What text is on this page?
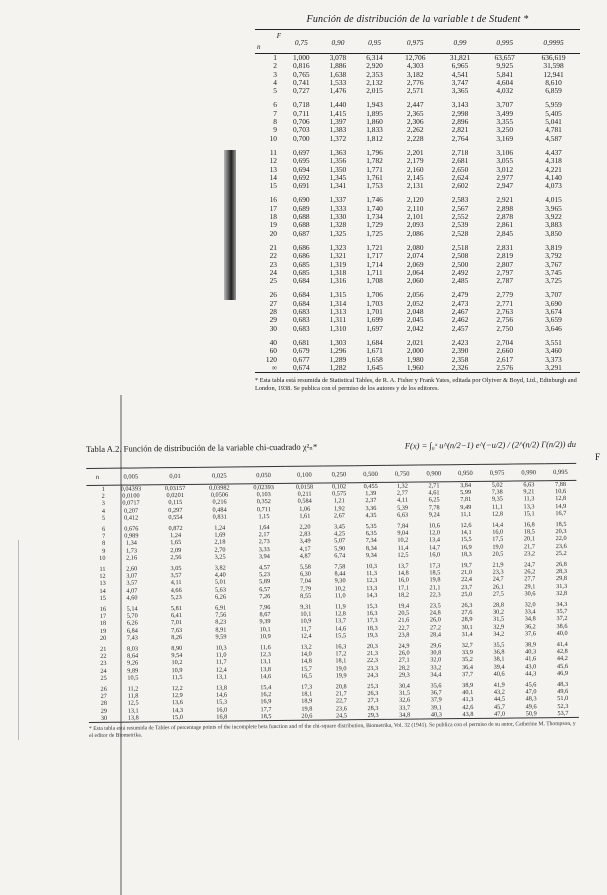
Función de distribución de la variable t de Student *
F
n	0,75	0,90	0,95	0,975	0,99	0,995	0,9995
1	1,000	3,078	6,314	12,706	31,821	63,657	636,619
2	0,816	1,886	2,920	4,303	6,965	9,925	31,598
3	0,765	1,638	2,353	3,182	4,541	5,841	12,941
4	0,741	1,533	2,132	2,776	3,747	4,604	8,610
5	0,727	1,476	2,015	2,571	3,365	4,032	6,859

6	0,718	1,440	1,943	2,447	3,143	3,707	5,959
7	0,711	1,415	1,895	2,365	2,998	3,499	5,405
8	0,706	1,397	1,860	2,306	2,896	3,355	5,041
9	0,703	1,383	1,833	2,262	2,821	3,250	4,781
10	0,700	1,372	1,812	2,228	2,764	3,169	4,587

11	0,697	1,363	1,796	2,201	2,718	3,106	4,437
12	0,695	1,356	1,782	2,179	2,681	3,055	4,318
13	0,694	1,350	1,771	2,160	2,650	3,012	4,221
14	0,692	1,345	1,761	2,145	2,624	2,977	4,140
15	0,691	1,341	1,753	2,131	2,602	2,947	4,073

16	0,690	1,337	1,746	2,120	2,583	2,921	4,015
17	0,689	1,333	1,740	2,110	2,567	2,898	3,965
18	0,688	1,330	1,734	2,101	2,552	2,878	3,922
19	0,688	1,328	1,729	2,093	2,539	2,861	3,883
20	0,687	1,325	1,725	2,086	2,528	2,845	3,850

21	0,686	1,323	1,721	2,080	2,518	2,831	3,819
22	0,686	1,321	1,717	2,074	2,508	2,819	3,792
23	0,685	1,319	1,714	2,069	2,500	2,807	3,767
24	0,685	1,318	1,711	2,064	2,492	2,797	3,745
25	0,684	1,316	1,708	2,060	2,485	2,787	3,725

26	0,684	1,315	1,706	2,056	2,479	2,779	3,707
27	0,684	1,314	1,703	2,052	2,473	2,771	3,690
28	0,683	1,313	1,701	2,048	2,467	2,763	3,674
29	0,683	1,311	1,699	2,045	2,462	2,756	3,659
30	0,683	1,310	1,697	2,042	2,457	2,750	3,646

40	0,681	1,303	1,684	2,021	2,423	2,704	3,551
60	0,679	1,296	1,671	2,000	2,390	2,660	3,460
120	0,677	1,289	1,658	1,980	2,358	2,617	3,373
∞	0,674	1,282	1,645	1,960	2,326	2,576	3,291
* Esta tabla está resumida de Statistical Tables, de R. A. Fisher y Frank Yates, editada por Olyiver & Boyd, Ltd., Edinburgh and London, 1938. Se publica con el permiso de los autores y de los editores.
F
Tabla A.2. Función de distribución de la variable chi-cuadrado χ²ₙ*	F(x) = ∫₀ˣ u^(n/2−1) e^(−u/2) / (2^(n/2) Γ(n/2)) du
n	0,005	0,01	0,025	0,050	0,100	0,250	0,500	0,750	0,900	0,950	0,975	0,990	0,995
1	0,04393	0,03157	0,03982	0,02393	0,0158	0,102	0,455	1,32	2,71	3,84	5,02	6,63	7,88
2	0,0100	0,0201	0,0506	0,103	0,211	0,575	1,39	2,77	4,61	5,99	7,38	9,21	10,6
3	0,0717	0,115	0,216	0,352	0,584	1,21	2,37	4,11	6,25	7,81	9,35	11,3	12,8
4	0,207	0,297	0,484	0,711	1,06	1,92	3,36	5,39	7,78	9,49	11,1	13,3	14,9
5	0,412	0,554	0,831	1,15	1,61	2,67	4,35	6,63	9,24	11,1	12,8	15,1	16,7

6	0,676	0,872	1,24	1,64	2,20	3,45	5,35	7,84	10,6	12,6	14,4	16,8	18,5
7	0,989	1,24	1,69	2,17	2,83	4,25	6,35	9,04	12,0	14,1	16,0	18,5	20,3
8	1,34	1,65	2,18	2,73	3,49	5,07	7,34	10,2	13,4	15,5	17,5	20,1	22,0
9	1,73	2,09	2,70	3,33	4,17	5,90	8,34	11,4	14,7	16,9	19,0	21,7	23,6
10	2,16	2,56	3,25	3,94	4,87	6,74	9,34	12,5	16,0	18,3	20,5	23,2	25,2

11	2,60	3,05	3,82	4,57	5,58	7,58	10,3	13,7	17,3	19,7	21,9	24,7	26,8
12	3,07	3,57	4,40	5,23	6,30	8,44	11,3	14,8	18,5	21,0	23,3	26,2	28,3
13	3,57	4,11	5,01	5,89	7,04	9,30	12,3	16,0	19,8	22,4	24,7	27,7	29,8
14	4,07	4,66	5,63	6,57	7,79	10,2	13,3	17,1	21,1	23,7	26,1	29,1	31,3
15	4,60	5,23	6,26	7,26	8,55	11,0	14,3	18,2	22,3	25,0	27,5	30,6	32,8

16	5,14	5,81	6,91	7,96	9,31	11,9	15,3	19,4	23,5	26,3	28,8	32,0	34,3
17	5,70	6,41	7,56	8,67	10,1	12,8	16,3	20,5	24,8	27,6	30,2	33,4	35,7
18	6,26	7,01	8,23	9,39	10,9	13,7	17,3	21,6	26,0	28,9	31,5	34,8	37,2
19	6,84	7,63	8,91	10,1	11,7	14,6	18,3	22,7	27,2	30,1	32,9	36,2	38,6
20	7,43	8,26	9,59	10,9	12,4	15,5	19,3	23,8	28,4	31,4	34,2	37,6	40,0

21	8,03	8,90	10,3	11,6	13,2	16,3	20,3	24,9	29,6	32,7	35,5	38,9	41,4
22	8,64	9,54	11,0	12,3	14,0	17,2	21,3	26,0	30,8	33,9	36,8	40,3	42,8
23	9,26	10,2	11,7	13,1	14,8	18,1	22,3	27,1	32,0	35,2	38,1	41,6	44,2
24	9,89	10,9	12,4	13,8	15,7	19,0	23,3	28,2	33,2	36,4	39,4	43,0	45,6
25	10,5	11,5	13,1	14,6	16,5	19,9	24,3	29,3	34,4	37,7	40,6	44,3	46,9

26	11,2	12,2	13,8	15,4	17,3	20,8	25,3	30,4	35,6	38,9	41,9	45,6	48,3
27	11,8	12,9	14,6	16,2	18,1	21,7	26,3	31,5	36,7	40,1	43,2	47,0	49,6
28	12,5	13,6	15,3	16,9	18,9	22,7	27,3	32,6	37,9	41,3	44,5	48,3	51,0
29	13,1	14,3	16,0	17,7	19,8	23,6	28,3	33,7	39,1	42,6	45,7	49,6	52,3
30	13,8	15,0	16,8	18,5	20,6	24,5	29,3	34,8	40,3	43,8	47,0	50,9	53,7
* Esta tabla está resumida de Tables of percentage points of the incomplete beta function and of the chi-square distribution, Biometrika, Vol. 32 (1941). Se publica con el permiso de su autor, Catherine M. Thompson, y el editor de Biometrika.
